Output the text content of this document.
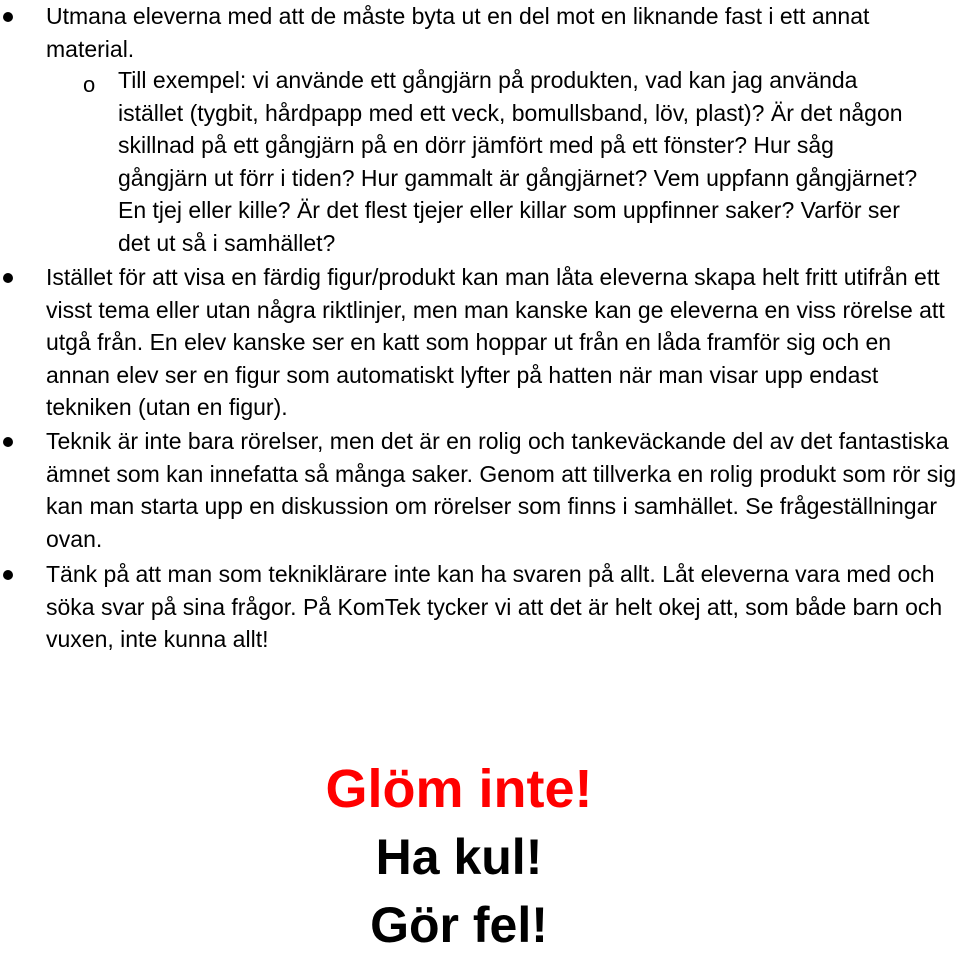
Utmana eleverna med att de måste byta ut en del mot en liknande fast i ett annat material.
o Till exempel: vi använde ett gångjärn på produkten, vad kan jag använda istället (tygbit, hårdpapp med ett veck, bomullsband, löv, plast)? Är det någon skillnad på ett gångjärn på en dörr jämfört med på ett fönster? Hur såg gångjärn ut förr i tiden? Hur gammalt är gångjärnet? Vem uppfann gångjärnet? En tjej eller kille? Är det flest tjejer eller killar som uppfinner saker? Varför ser det ut så i samhället?
Istället för att visa en färdig figur/produkt kan man låta eleverna skapa helt fritt utifrån ett visst tema eller utan några riktlinjer, men man kanske kan ge eleverna en viss rörelse att utgå från. En elev kanske ser en katt som hoppar ut från en låda framför sig och en annan elev ser en figur som automatiskt lyfter på hatten när man visar upp endast tekniken (utan en figur).
Teknik är inte bara rörelser, men det är en rolig och tankeväckande del av det fantastiska ämnet som kan innefatta så många saker. Genom att tillverka en rolig produkt som rör sig kan man starta upp en diskussion om rörelser som finns i samhället. Se frågeställningar ovan.
Tänk på att man som tekniklärare inte kan ha svaren på allt. Låt eleverna vara med och söka svar på sina frågor. På KomTek tycker vi att det är helt okej att, som både barn och vuxen, inte kunna allt!
Glöm inte!
Ha kul!
Gör fel!
